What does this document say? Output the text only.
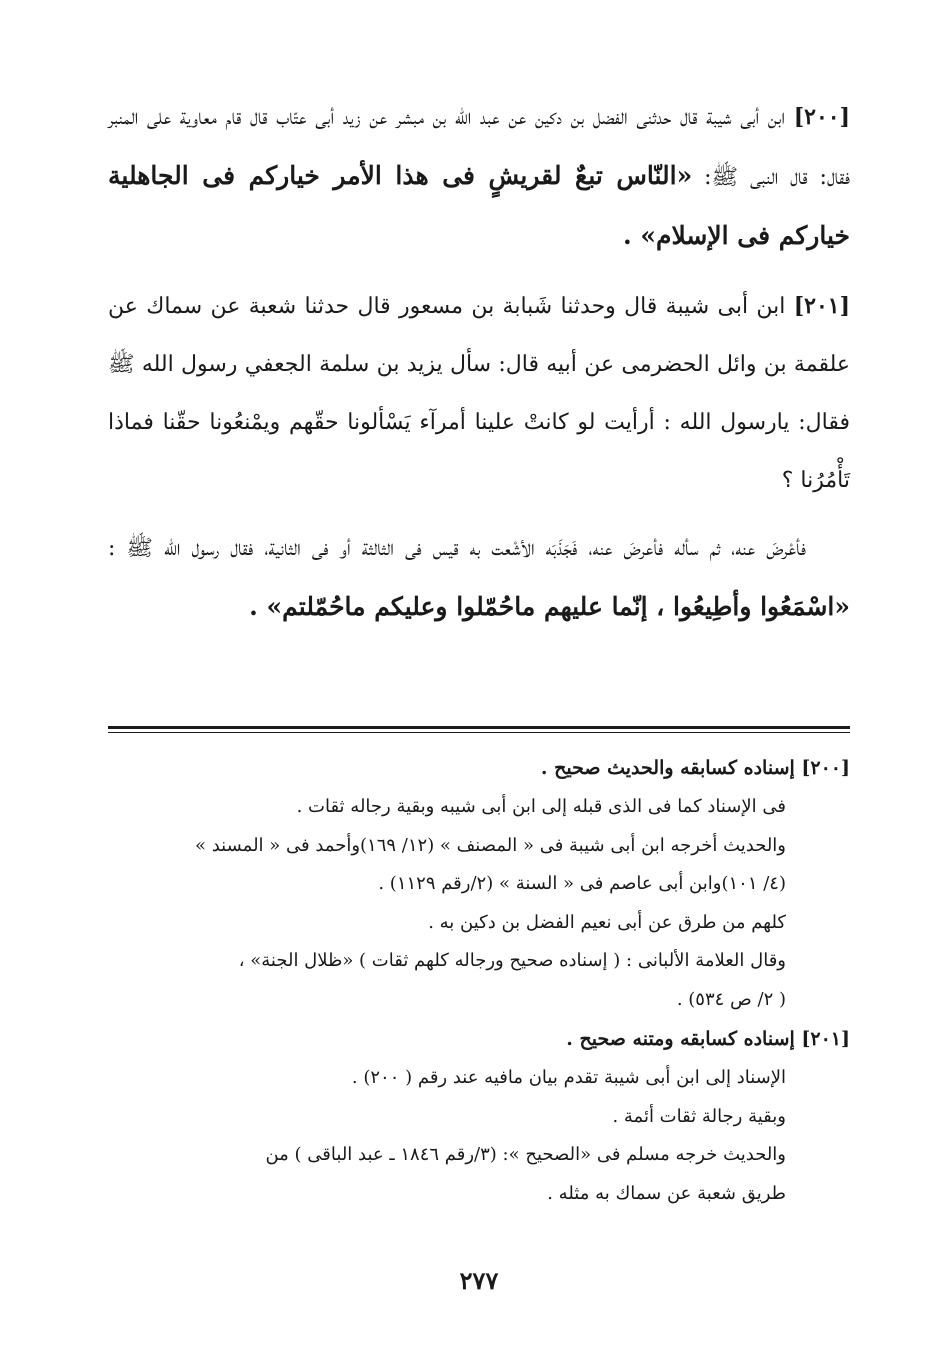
[٢٠٠] ابن أبى شيبة قال حدثنى الفضل بن دكين عن عبد الله بن مبشر عن زيد أبى عتّاب قال قام معاوية على المنبر فقال: قال النبى ﷺ: «النّاس تبعٌ لقريشٍ فى هذا الأمر خياركم فى الجاهلية خياركم فى الإسلام» .

[٢٠١] ابن أبى شيبة قال وحدثنا شَبابة بن مسعور قال حدثنا شعبة عن سماك عن علقمة بن وائل الحضرمى عن أبيه قال: سأل يزيد بن سلمة الجعفي رسول الله ﷺ فقال: يارسول الله : أرأيت لو كانتْ علينا أمرآء يَسْألونا حقّهم ويمْنعُونا حقّنا فماذا تَأْمُرُنا ؟

  فأعْرضَ عنه، ثم سأله فأعرضَ عنه، فَجَذَبَه الأشْعت به قيس فى الثالثة أو فى الثانية، فقال رسول الله ﷺ : «اسْمَعُوا وأطِيعُوا ، إنّما عليهم ماحُمّلوا وعليكم ماحُمّلتم» .

[٢٠٠] إسناده كسابقه والحديث صحيح .

فى الإسناد كما فى الذى قبله إلى ابن أبى شيبه وبقية رجاله ثقات .

والحديث أخرجه ابن أبى شيبة فى « المصنف » (١٢/ ١٦٩)وأحمد فى « المسند »

(٤/ ١٠١)وابن أبى عاصم فى « السنة » (٢/رقم ١١٢٩) .

كلهم من طرق عن أبى نعيم الفضل بن دكين به .

وقال العلامة الألبانى : ( إسناده صحيح ورجاله كلهم ثقات ) «ظلال الجنة» ،

( ٢/ ص ٥٣٤) .

[٢٠١] إسناده كسابقه ومتنه صحيح .

الإسناد إلى ابن أبى شيبة تقدم بيان مافيه عند رقم ( ٢٠٠) .

وبقية رجالة ثقات أئمة .

والحديث خرجه مسلم فى «الصحيح »: (٣/رقم ١٨٤٦ ـ عبد الباقى ) من

طريق شعبة عن سماك به مثله .

٢٧٧
